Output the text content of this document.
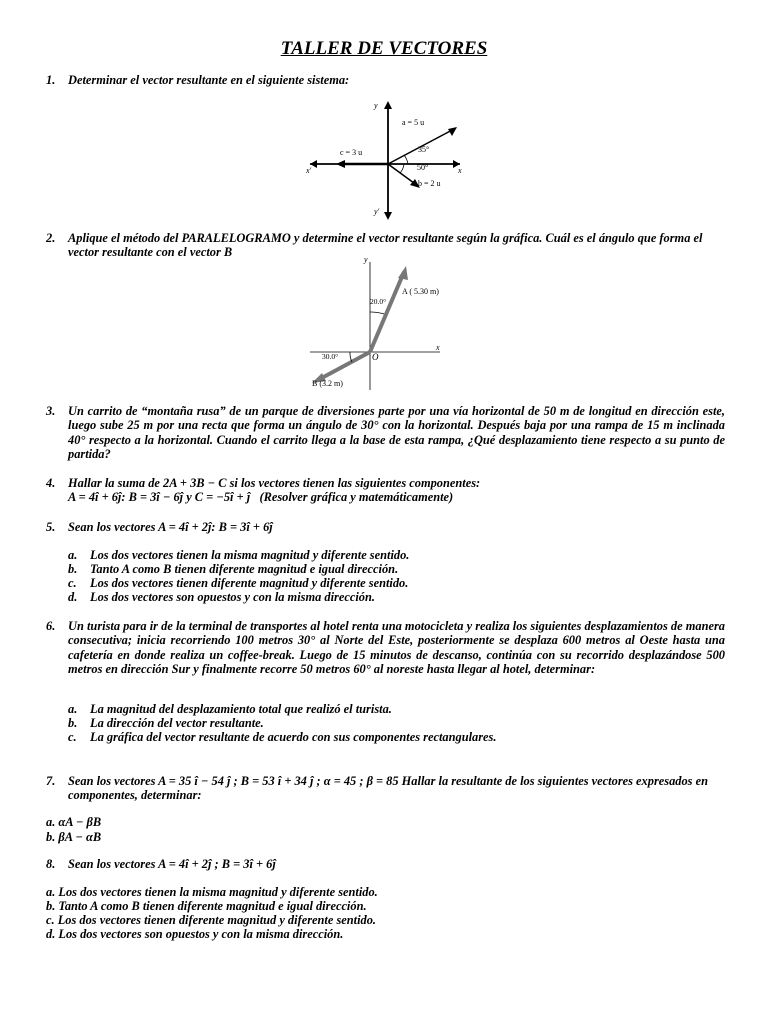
TALLER DE VECTORES
1. Determinar el vector resultante en el siguiente sistema:
y
y'
x
x'
a = 5 u
c = 3 u
b = 2 u
35°
50°
2. Aplique el método del PARALELOGRAMO y determine el vector resultante según la gráfica. Cuál es el ángulo que forma el vector resultante con el vector B
y
x
O
A ( 5.30 m)
B (3.2 m)
20.0°
30.0°
3. Un carrito de “montaña rusa” de un parque de diversiones parte por una vía horizontal de 50 m de longitud en dirección este, luego sube 25 m por una recta que forma un ángulo de 30° con la horizontal. Después baja por una rampa de 15 m inclinada 40° respecto a la horizontal. Cuando el carrito llega a la base de esta rampa, ¿Qué desplazamiento tiene respecto a su punto de partida?
4. Hallar la suma de 2A + 3B − C si los vectores tienen las siguientes componentes:
A = 4î + 6ĵ: B = 3î − 6ĵ y C = −5î + ĵ (Resolver gráfica y matemáticamente)
5. Sean los vectores A = 4î + 2ĵ: B = 3î + 6ĵ
a. Los dos vectores tienen la misma magnitud y diferente sentido.
b. Tanto A como B tienen diferente magnitud e igual dirección.
c. Los dos vectores tienen diferente magnitud y diferente sentido.
d. Los dos vectores son opuestos y con la misma dirección.
6. Un turista para ir de la terminal de transportes al hotel renta una motocicleta y realiza los siguientes desplazamientos de manera consecutiva; inicia recorriendo 100 metros 30° al Norte del Este, posteriormente se desplaza 600 metros al Oeste hasta una cafetería en donde realiza un coffee-break. Luego de 15 minutos de descanso, continúa con su recorrido desplazándose 500 metros en dirección Sur y finalmente recorre 50 metros 60° al noreste hasta llegar al hotel, determinar:
a. La magnitud del desplazamiento total que realizó el turista.
b. La dirección del vector resultante.
c. La gráfica del vector resultante de acuerdo con sus componentes rectangulares.
7. Sean los vectores A = 35 î − 54 ĵ ; B = 53 î + 34 ĵ ; α = 45 ; β = 85 Hallar la resultante de los siguientes vectores expresados en componentes, determinar:
a. αA − βB
b. βA − αB
8. Sean los vectores A = 4î + 2ĵ ; B = 3î + 6ĵ
a. Los dos vectores tienen la misma magnitud y diferente sentido.
b. Tanto A como B tienen diferente magnitud e igual dirección.
c. Los dos vectores tienen diferente magnitud y diferente sentido.
d. Los dos vectores son opuestos y con la misma dirección.
